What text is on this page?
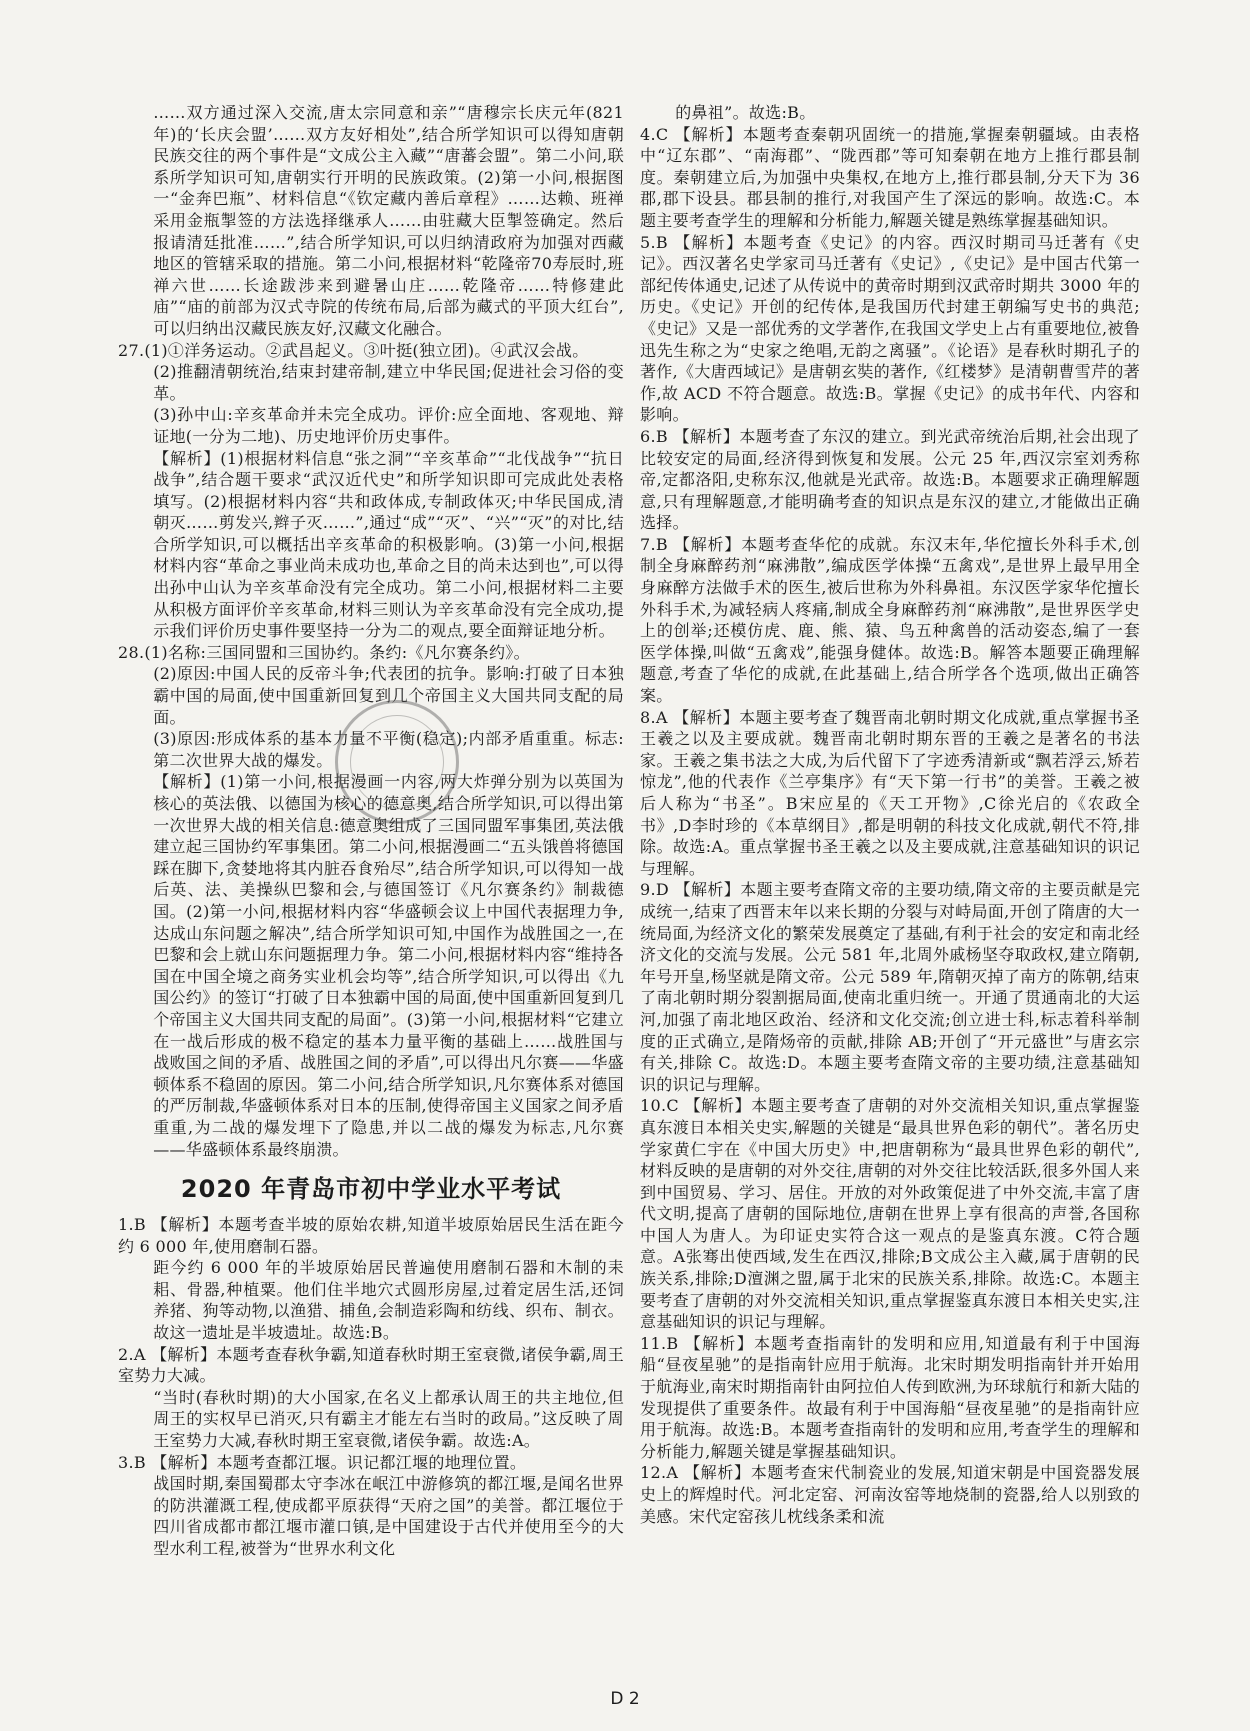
……双方通过深入交流,唐太宗同意和亲”“唐穆宗长庆元年(821年)的‘长庆会盟’……双方友好相处”,结合所学知识可以得知唐朝民族交往的两个事件是“文成公主入藏”“唐蕃会盟”。第二小问,联系所学知识可知,唐朝实行开明的民族政策。(2)第一小问,根据图一“金奔巴瓶”、材料信息“《钦定藏内善后章程》……达赖、班禅采用金瓶掣签的方法选择继承人……由驻藏大臣掣签确定。然后报请清廷批准……”,结合所学知识,可以归纳清政府为加强对西藏地区的管辖采取的措施。第二小问,根据材料“乾隆帝70寿辰时,班禅六世……长途跋涉来到避暑山庄……乾隆帝……特修建此庙”“庙的前部为汉式寺院的传统布局,后部为藏式的平顶大红台”,可以归纳出汉藏民族友好,汉藏文化融合。
27.(1)①洋务运动。②武昌起义。③叶挺(独立团)。④武汉会战。
(2)推翻清朝统治,结束封建帝制,建立中华民国;促进社会习俗的变革。
(3)孙中山:辛亥革命并未完全成功。评价:应全面地、客观地、辩证地(一分为二地)、历史地评价历史事件。
【解析】(1)根据材料信息“张之洞”“辛亥革命”“北伐战争”“抗日战争”,结合题干要求“武汉近代史”和所学知识即可完成此处表格填写。(2)根据材料内容“共和政体成,专制政体灭;中华民国成,清朝灭……剪发兴,辫子灭……”,通过“成”“灭”、“兴”“灭”的对比,结合所学知识,可以概括出辛亥革命的积极影响。(3)第一小问,根据材料内容“革命之事业尚未成功也,革命之目的尚未达到也”,可以得出孙中山认为辛亥革命没有完全成功。第二小问,根据材料二主要从积极方面评价辛亥革命,材料三则认为辛亥革命没有完全成功,提示我们评价历史事件要坚持一分为二的观点,要全面辩证地分析。
28.(1)名称:三国同盟和三国协约。条约:《凡尔赛条约》。
(2)原因:中国人民的反帝斗争;代表团的抗争。影响:打破了日本独霸中国的局面,使中国重新回复到几个帝国主义大国共同支配的局面。
(3)原因:形成体系的基本力量不平衡(稳定);内部矛盾重重。标志:第二次世界大战的爆发。
【解析】(1)第一小问,根据漫画一内容,两大炸弹分别为以英国为核心的英法俄、以德国为核心的德意奥,结合所学知识,可以得出第一次世界大战的相关信息:德意奥组成了三国同盟军事集团,英法俄建立起三国协约军事集团。第二小问,根据漫画二“五头饿兽将德国踩在脚下,贪婪地将其内脏吞食殆尽”,结合所学知识,可以得知一战后英、法、美操纵巴黎和会,与德国签订《凡尔赛条约》制裁德国。(2)第一小问,根据材料内容“华盛顿会议上中国代表据理力争,达成山东问题之解决”,结合所学知识可知,中国作为战胜国之一,在巴黎和会上就山东问题据理力争。第二小问,根据材料内容“维持各国在中国全境之商务实业机会均等”,结合所学知识,可以得出《九国公约》的签订“打破了日本独霸中国的局面,使中国重新回复到几个帝国主义大国共同支配的局面”。(3)第一小问,根据材料“它建立在一战后形成的极不稳定的基本力量平衡的基础上……战胜国与战败国之间的矛盾、战胜国之间的矛盾”,可以得出凡尔赛——华盛顿体系不稳固的原因。第二小问,结合所学知识,凡尔赛体系对德国的严厉制裁,华盛顿体系对日本的压制,使得帝国主义国家之间矛盾重重,为二战的爆发埋下了隐患,并以二战的爆发为标志,凡尔赛——华盛顿体系最终崩溃。
2020 年青岛市初中学业水平考试
1.B 【解析】本题考查半坡的原始农耕,知道半坡原始居民生活在距今约 6 000 年,使用磨制石器。
距今约 6 000 年的半坡原始居民普遍使用磨制石器和木制的耒耜、骨器,种植粟。他们住半地穴式圆形房屋,过着定居生活,还饲养猪、狗等动物,以渔猎、捕鱼,会制造彩陶和纺线、织布、制衣。故这一遗址是半坡遗址。故选:B。
2.A 【解析】本题考查春秋争霸,知道春秋时期王室衰微,诸侯争霸,周王室势力大减。
“当时(春秋时期)的大小国家,在名义上都承认周王的共主地位,但周王的实权早已消灭,只有霸主才能左右当时的政局。”这反映了周王室势力大减,春秋时期王室衰微,诸侯争霸。故选:A。
3.B 【解析】本题考查都江堰。识记都江堰的地理位置。
战国时期,秦国蜀郡太守李冰在岷江中游修筑的都江堰,是闻名世界的防洪灌溉工程,使成都平原获得“天府之国”的美誉。都江堰位于四川省成都市都江堰市灌口镇,是中国建设于古代并使用至今的大型水利工程,被誉为“世界水利文化
的鼻祖”。故选:B。
4.C 【解析】本题考查秦朝巩固统一的措施,掌握秦朝疆域。由表格中“辽东郡”、“南海郡”、“陇西郡”等可知秦朝在地方上推行郡县制度。秦朝建立后,为加强中央集权,在地方上,推行郡县制,分天下为 36 郡,郡下设县。郡县制的推行,对我国产生了深远的影响。故选:C。本题主要考查学生的理解和分析能力,解题关键是熟练掌握基础知识。
5.B 【解析】本题考查《史记》的内容。西汉时期司马迁著有《史记》。西汉著名史学家司马迁著有《史记》,《史记》是中国古代第一部纪传体通史,记述了从传说中的黄帝时期到汉武帝时期共 3000 年的历史。《史记》开创的纪传体,是我国历代封建王朝编写史书的典范;《史记》又是一部优秀的文学著作,在我国文学史上占有重要地位,被鲁迅先生称之为“史家之绝唱,无韵之离骚”。《论语》是春秋时期孔子的著作,《大唐西域记》是唐朝玄奘的著作,《红楼梦》是清朝曹雪芹的著作,故 ACD 不符合题意。故选:B。掌握《史记》的成书年代、内容和影响。
6.B 【解析】本题考查了东汉的建立。到光武帝统治后期,社会出现了比较安定的局面,经济得到恢复和发展。公元 25 年,西汉宗室刘秀称帝,定都洛阳,史称东汉,他就是光武帝。故选:B。本题要求正确理解题意,只有理解题意,才能明确考查的知识点是东汉的建立,才能做出正确选择。
7.B 【解析】本题考查华佗的成就。东汉末年,华佗擅长外科手术,创制全身麻醉药剂“麻沸散”,编成医学体操“五禽戏”,是世界上最早用全身麻醉方法做手术的医生,被后世称为外科鼻祖。东汉医学家华佗擅长外科手术,为减轻病人疼痛,制成全身麻醉药剂“麻沸散”,是世界医学史上的创举;还模仿虎、鹿、熊、猿、鸟五种禽兽的活动姿态,编了一套医学体操,叫做“五禽戏”,能强身健体。故选:B。解答本题要正确理解题意,考查了华佗的成就,在此基础上,结合所学各个选项,做出正确答案。
8.A 【解析】本题主要考查了魏晋南北朝时期文化成就,重点掌握书圣王羲之以及主要成就。魏晋南北朝时期东晋的王羲之是著名的书法家。王羲之集书法之大成,为后代留下了字迹秀清新或“飘若浮云,矫若惊龙”,他的代表作《兰亭集序》有“天下第一行书”的美誉。王羲之被后人称为“书圣”。B宋应星的《天工开物》,C徐光启的《农政全书》,D李时珍的《本草纲目》,都是明朝的科技文化成就,朝代不符,排除。故选:A。重点掌握书圣王羲之以及主要成就,注意基础知识的识记与理解。
9.D 【解析】本题主要考查隋文帝的主要功绩,隋文帝的主要贡献是完成统一,结束了西晋末年以来长期的分裂与对峙局面,开创了隋唐的大一统局面,为经济文化的繁荣发展奠定了基础,有利于社会的安定和南北经济文化的交流与发展。公元 581 年,北周外戚杨坚夺取政权,建立隋朝,年号开皇,杨坚就是隋文帝。公元 589 年,隋朝灭掉了南方的陈朝,结束了南北朝时期分裂割据局面,使南北重归统一。开通了贯通南北的大运河,加强了南北地区政治、经济和文化交流;创立进士科,标志着科举制度的正式确立,是隋炀帝的贡献,排除 AB;开创了“开元盛世”与唐玄宗有关,排除 C。故选:D。本题主要考查隋文帝的主要功绩,注意基础知识的识记与理解。
10.C 【解析】本题主要考查了唐朝的对外交流相关知识,重点掌握鉴真东渡日本相关史实,解题的关键是“最具世界色彩的朝代”。著名历史学家黄仁宇在《中国大历史》中,把唐朝称为“最具世界色彩的朝代”,材料反映的是唐朝的对外交往,唐朝的对外交往比较活跃,很多外国人来到中国贸易、学习、居住。开放的对外政策促进了中外交流,丰富了唐代文明,提高了唐朝的国际地位,唐朝在世界上享有很高的声誉,各国称中国人为唐人。为印证史实符合这一观点的是鉴真东渡。C符合题意。A张骞出使西域,发生在西汉,排除;B文成公主入藏,属于唐朝的民族关系,排除;D澶渊之盟,属于北宋的民族关系,排除。故选:C。本题主要考查了唐朝的对外交流相关知识,重点掌握鉴真东渡日本相关史实,注意基础知识的识记与理解。
11.B 【解析】本题考查指南针的发明和应用,知道最有利于中国海船“昼夜星驰”的是指南针应用于航海。北宋时期发明指南针并开始用于航海业,南宋时期指南针由阿拉伯人传到欧洲,为环球航行和新大陆的发现提供了重要条件。故最有利于中国海船“昼夜星驰”的是指南针应用于航海。故选:B。本题考查指南针的发明和应用,考查学生的理解和分析能力,解题关键是掌握基础知识。
12.A 【解析】本题考查宋代制瓷业的发展,知道宋朝是中国瓷器发展史上的辉煌时代。河北定窑、河南汝窑等地烧制的瓷器,给人以别致的美感。宋代定窑孩儿枕线条柔和流
D 2
